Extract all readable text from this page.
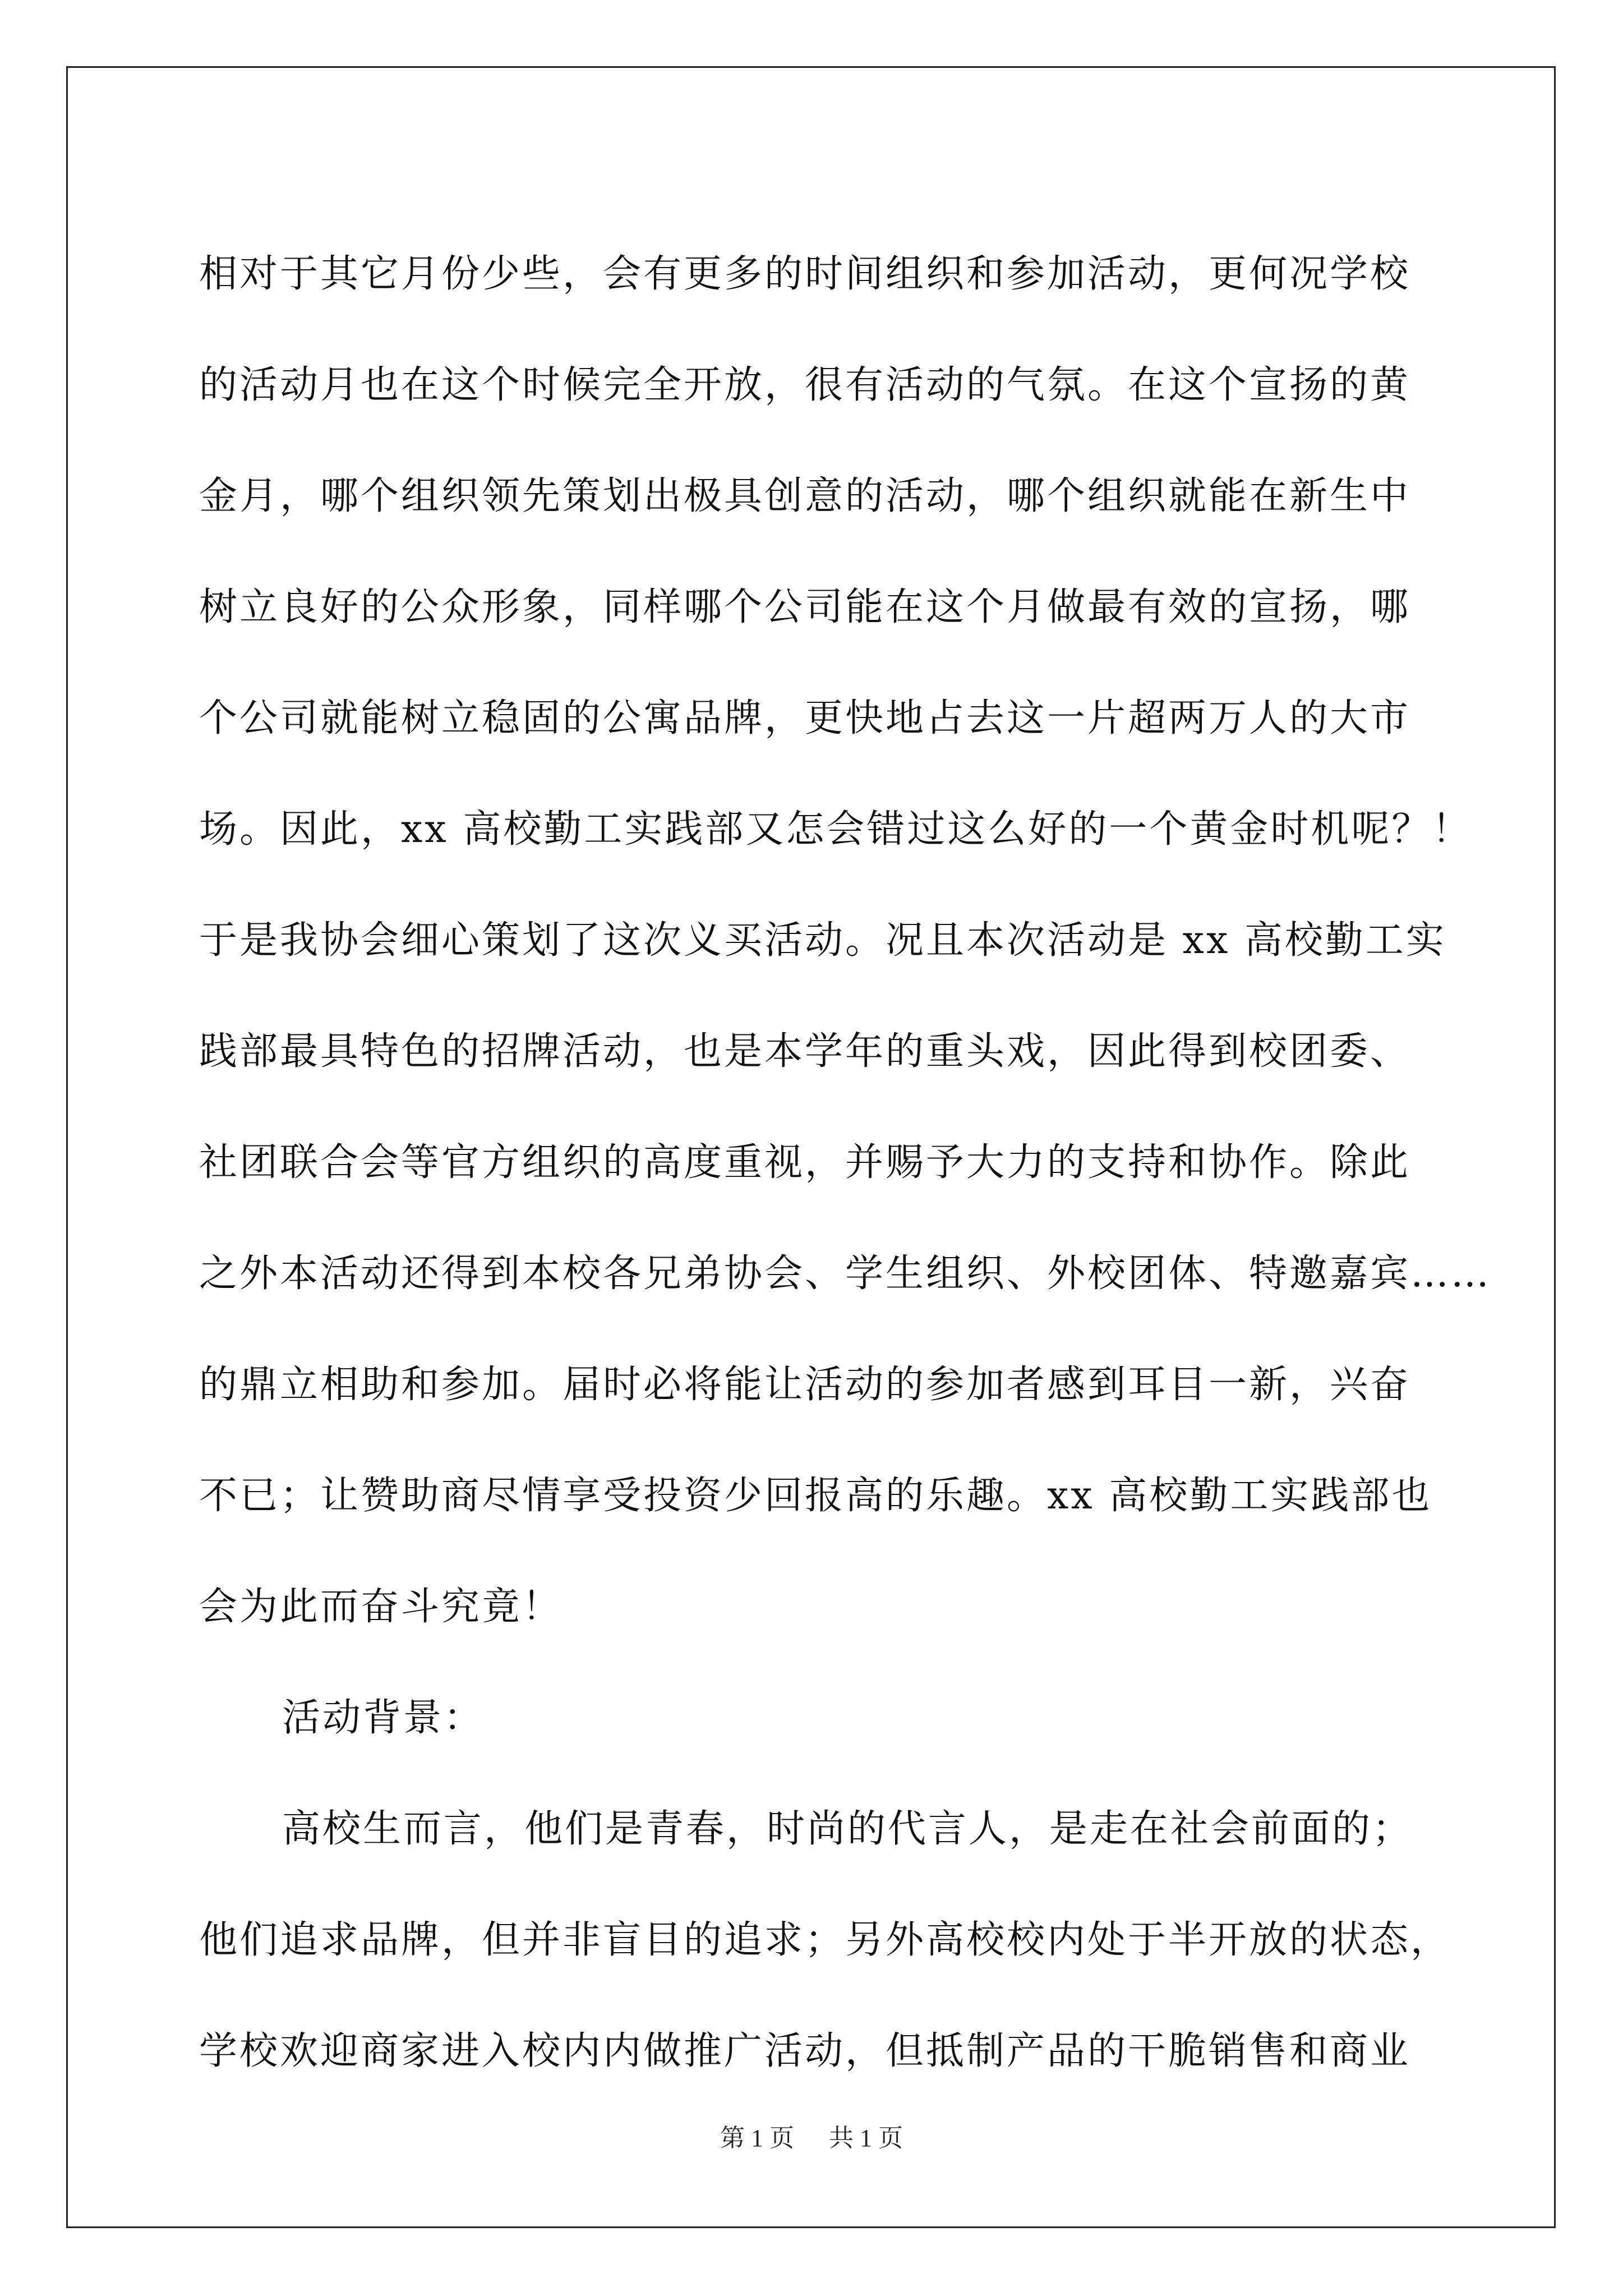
相对于其它月份少些，会有更多的时间组织和参加活动，更何况学校
的活动月也在这个时候完全开放，很有活动的气氛。在这个宣扬的黄
金月，哪个组织领先策划出极具创意的活动，哪个组织就能在新生中
树立良好的公众形象，同样哪个公司能在这个月做最有效的宣扬，哪
个公司就能树立稳固的公寓品牌，更快地占去这一片超两万人的大市
场。因此，xx 高校勤工实践部又怎会错过这么好的一个黄金时机呢？！
于是我协会细心策划了这次义买活动。况且本次活动是 xx 高校勤工实
践部最具特色的招牌活动，也是本学年的重头戏，因此得到校团委、
社团联合会等官方组织的高度重视，并赐予大力的支持和协作。除此
之外本活动还得到本校各兄弟协会、学生组织、外校团体、特邀嘉宾……
的鼎立相助和参加。届时必将能让活动的参加者感到耳目一新，兴奋
不已；让赞助商尽情享受投资少回报高的乐趣。xx 高校勤工实践部也
会为此而奋斗究竟！
活动背景：
高校生而言，他们是青春，时尚的代言人，是走在社会前面的；
他们追求品牌，但并非盲目的追求；另外高校校内处于半开放的状态，
学校欢迎商家进入校内内做推广活动，但抵制产品的干脆销售和商业
第 1 页 共 1 页
